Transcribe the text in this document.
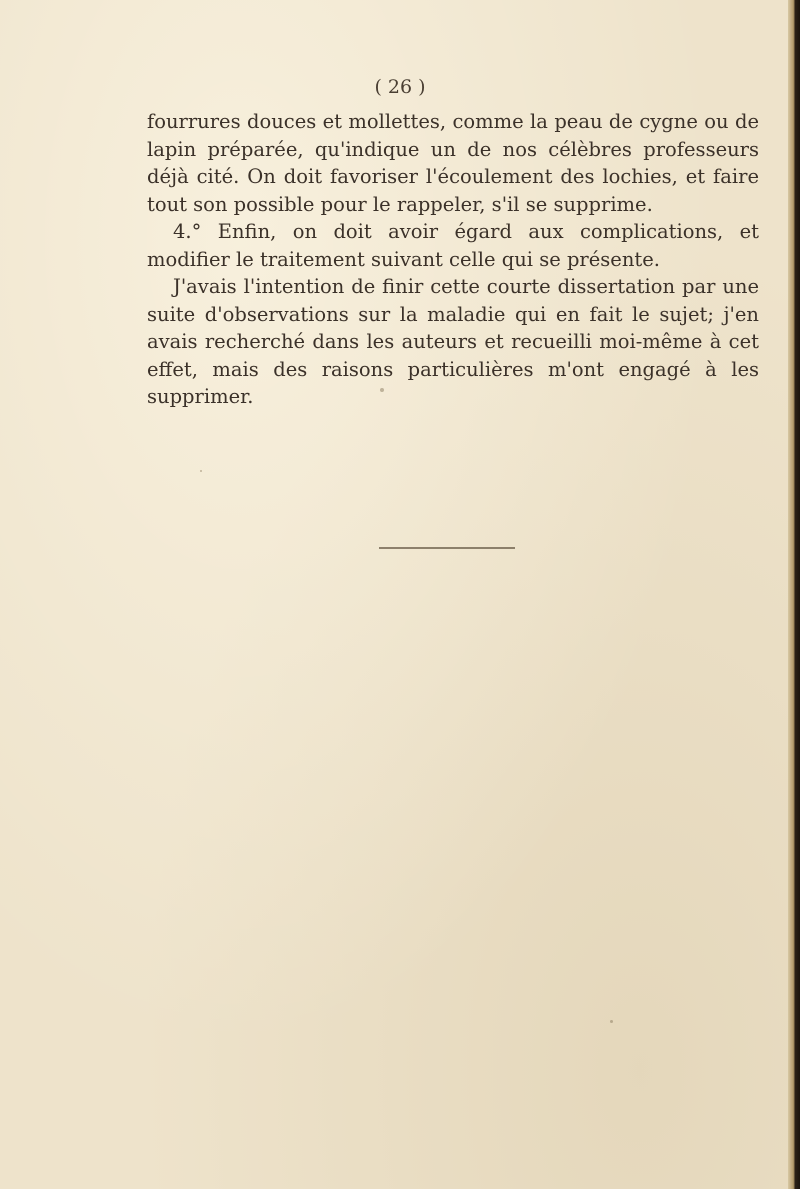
( 26 )

fourrures douces et mollettes, comme la peau de cygne ou de lapin préparée, qu'indique un de nos célèbres professeurs déjà cité. On doit favoriser l'écoulement des lochies, et faire tout son possible pour le rappeler, s'il se supprime.

4.° Enfin, on doit avoir égard aux complications, et modifier le traitement suivant celle qui se présente.

J'avais l'intention de finir cette courte dissertation par une suite d'observations sur la maladie qui en fait le sujet; j'en avais recherché dans les auteurs et recueilli moi-même à cet effet, mais des raisons particulières m'ont engagé à les supprimer.
